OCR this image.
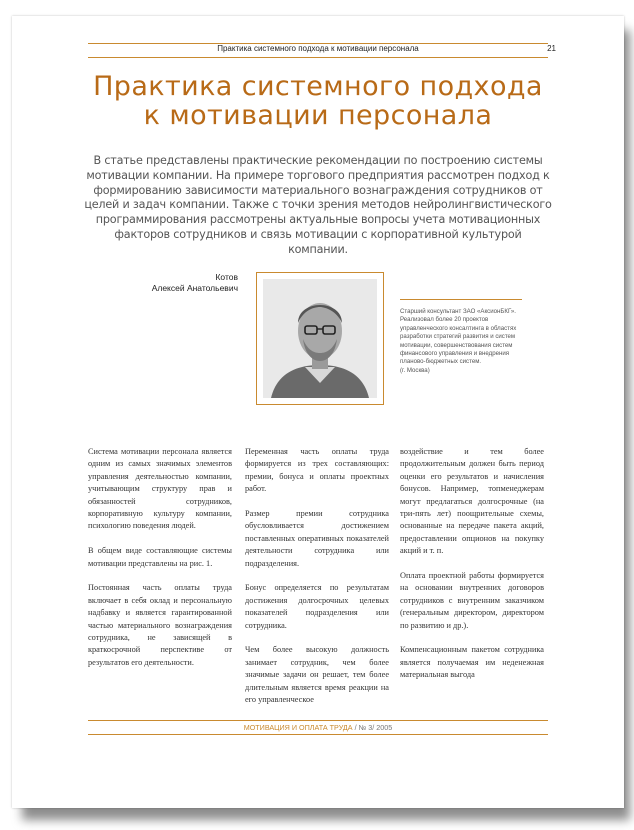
Практика системного подхода к мотивации персонала	21
Практика системного подхода
к мотивации персонала
В статье представлены практические рекомендации по построению системы мотивации компании. На примере торгового предприятия рассмотрен подход к формированию зависимости материального вознаграждения сотрудников от целей и задач компании. Также с точки зрения методов нейролингвистического программирования рассмотрены актуальные вопросы учета мотивационных факторов сотрудников и связь мотивации с корпоративной культурой компании.
Котов
Алексей Анатольевич

Старший консультант ЗАО «АксионБКГ». Реализовал более 20 проектов управленческого консалтинга в областях разработки стратегий развития и систем мотивации, совершенствования систем финансового управления и внедрения планово-бюджетных систем.

(г. Москва)

Система мотивации персонала является одним из самых значимых элементов управления деятельностью компании, учитывающим структуру прав и обязанностей сотрудников, корпоративную культуру компании, психологию поведения людей.

В общем виде составляющие системы мотивации представлены на рис. 1.

Постоянная часть оплаты труда включает в себя оклад и персональную надбавку и является гарантированной частью материального вознаграждения сотрудника, не зависящей в краткосрочной перспективе от результатов его деятельности.

Переменная часть оплаты труда формируется из трех составляющих: премии, бонуса и оплаты проектных работ.

Размер премии сотрудника обусловливается достижением поставленных оперативных показателей деятельности сотрудника или подразделения.

Бонус определяется по результатам достижения долгосрочных целевых показателей подразделения или сотрудника.

Чем более высокую должность занимает сотрудник, чем более значимые задачи он решает, тем более длительным является время реакции на его управленческое

воздействие и тем более продолжительным должен быть период оценки его результатов и начисления бонусов. Например, топменеджерам могут предлагаться долгосрочные (на три-пять лет) поощрительные схемы, основанные на передаче пакета акций, предоставлении опционов на покупку акций и т. п.

Оплата проектной работы формируется на основании внутренних договоров сотрудников с внутренним заказчиком (генеральным директором, директором по развитию и др.).

Компенсационным пакетом сотрудника является получаемая им неденежная материальная выгода

МОТИВАЦИЯ И ОПЛАТА ТРУДА / № 3/ 2005
